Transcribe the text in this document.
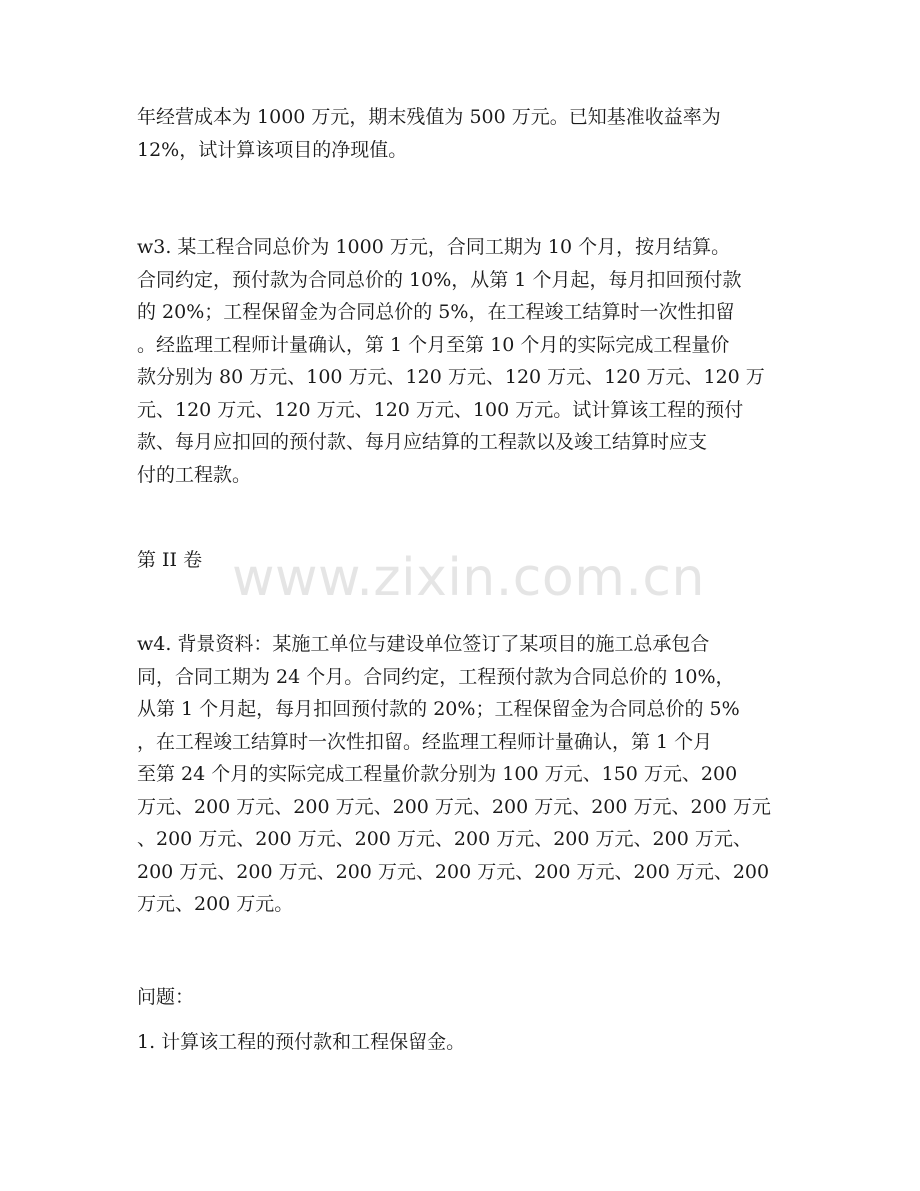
年经营成本为 1000 万元，期末残值为 500 万元。已知基准收益率为
12%，试计算该项目的净现值。
w3. 某工程合同总价为 1000 万元，合同工期为 10 个月，按月结算。
合同约定，预付款为合同总价的 10%，从第 1 个月起，每月扣回预付款
的 20%；工程保留金为合同总价的 5%，在工程竣工结算时一次性扣留
。经监理工程师计量确认，第 1 个月至第 10 个月的实际完成工程量价
款分别为 80 万元、100 万元、120 万元、120 万元、120 万元、120 万
元、120 万元、120 万元、120 万元、100 万元。试计算该工程的预付
款、每月应扣回的预付款、每月应结算的工程款以及竣工结算时应支
付的工程款。
第 II 卷
w4. 背景资料：某施工单位与建设单位签订了某项目的施工总承包合
同，合同工期为 24 个月。合同约定，工程预付款为合同总价的 10%，
从第 1 个月起，每月扣回预付款的 20%；工程保留金为合同总价的 5%
，在工程竣工结算时一次性扣留。经监理工程师计量确认，第 1 个月
至第 24 个月的实际完成工程量价款分别为 100 万元、150 万元、200
万元、200 万元、200 万元、200 万元、200 万元、200 万元、200 万元
、200 万元、200 万元、200 万元、200 万元、200 万元、200 万元、
200 万元、200 万元、200 万元、200 万元、200 万元、200 万元、200
万元、200 万元。
问题：
1. 计算该工程的预付款和工程保留金。
www.zixin.com.cn
